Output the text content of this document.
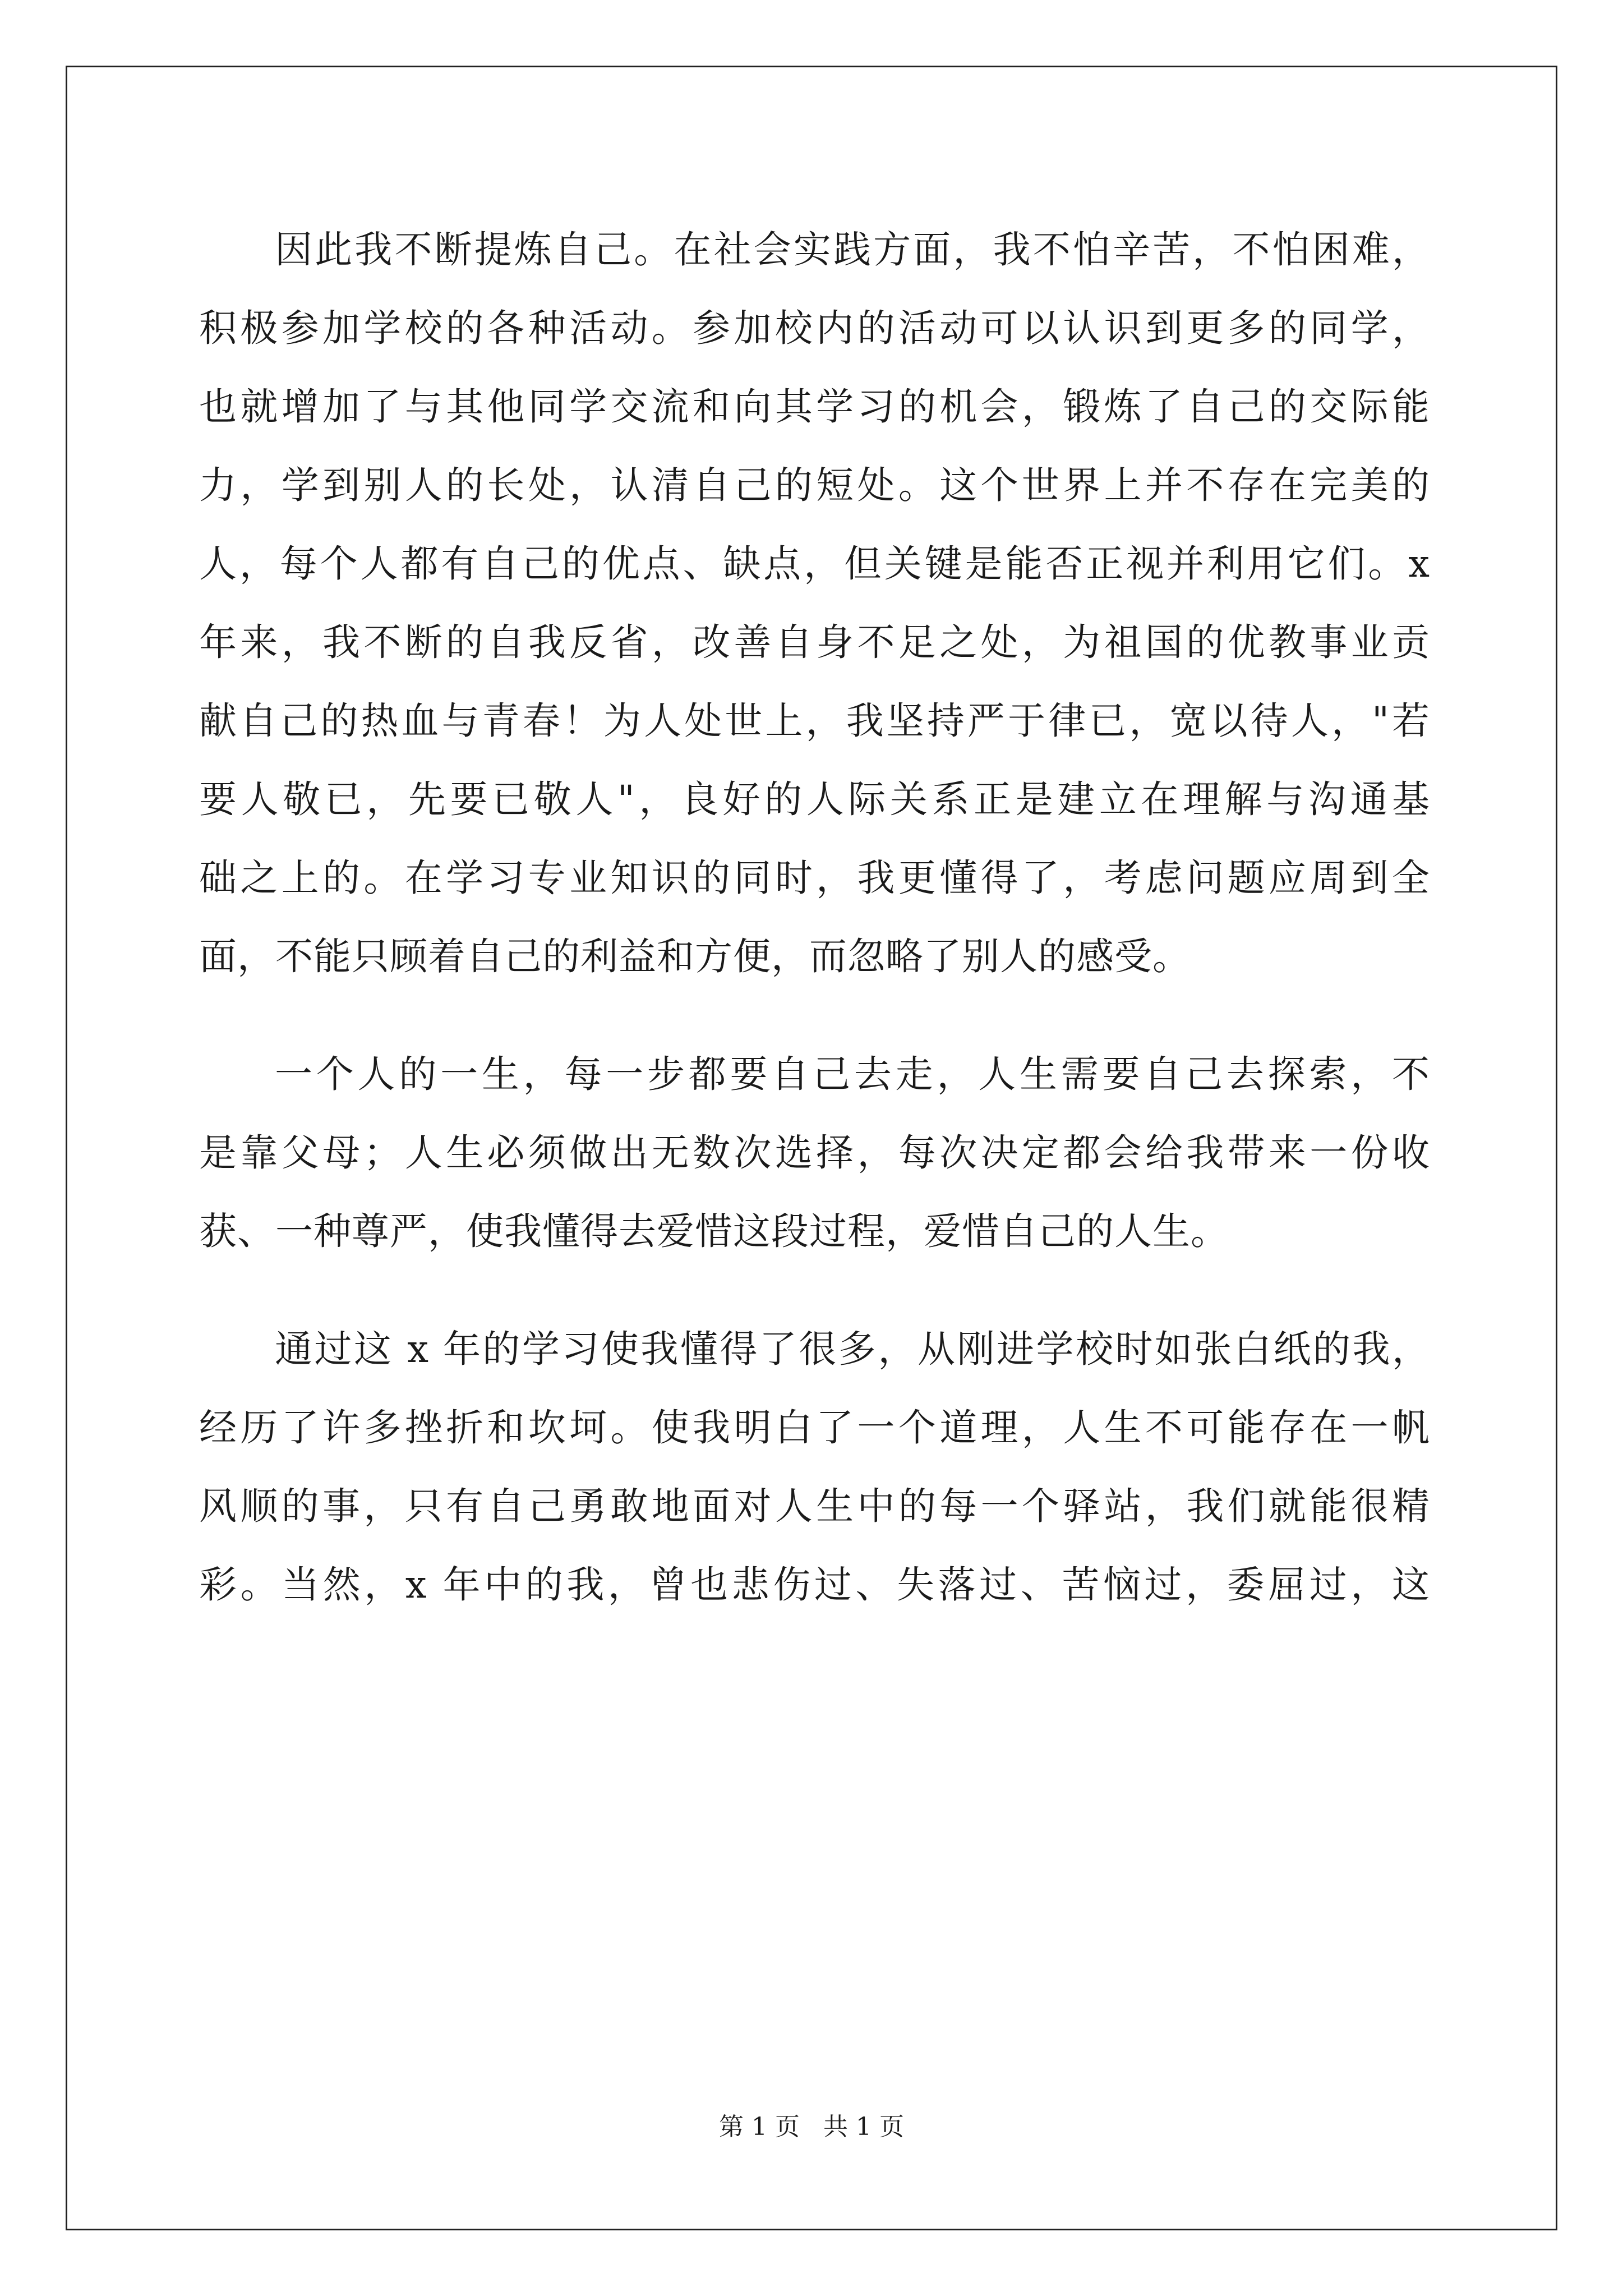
因此我不断提炼自己。在社会实践方面，我不怕辛苦，不怕困难，
积极参加学校的各种活动。参加校内的活动可以认识到更多的同学，
也就增加了与其他同学交流和向其学习的机会，锻炼了自己的交际能
力，学到别人的长处，认清自己的短处。这个世界上并不存在完美的
人，每个人都有自己的优点、缺点，但关键是能否正视并利用它们。x
年来，我不断的自我反省，改善自身不足之处，为祖国的优教事业贡
献自己的热血与青春！为人处世上，我坚持严于律已，宽以待人，"若
要人敬已，先要已敬人"，良好的人际关系正是建立在理解与沟通基
础之上的。在学习专业知识的同时，我更懂得了，考虑问题应周到全
面，不能只顾着自己的利益和方便，而忽略了别人的感受。
一个人的一生，每一步都要自己去走，人生需要自己去探索，不
是靠父母；人生必须做出无数次选择，每次决定都会给我带来一份收
获、一种尊严，使我懂得去爱惜这段过程，爱惜自己的人生。
通过这 x 年的学习使我懂得了很多，从刚进学校时如张白纸的我，
经历了许多挫折和坎坷。使我明白了一个道理，人生不可能存在一帆
风顺的事，只有自己勇敢地面对人生中的每一个驿站，我们就能很精
彩。当然，x 年中的我，曾也悲伤过、失落过、苦恼过，委屈过，这
第 1 页   共 1 页
